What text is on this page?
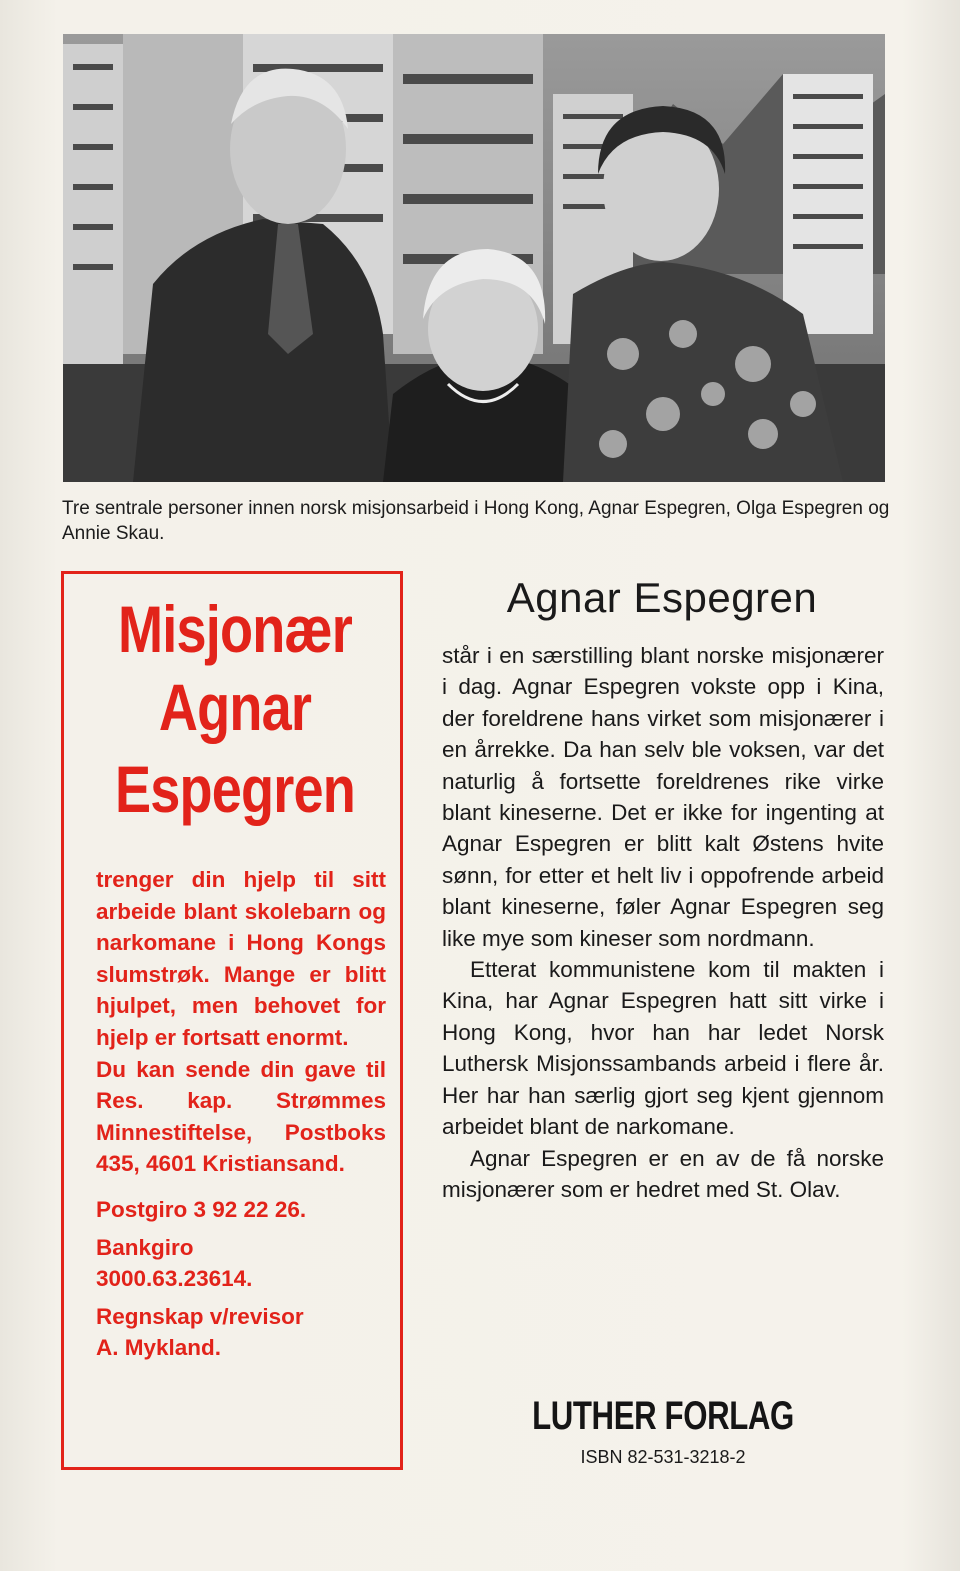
Tre sentrale personer innen norsk misjonsarbeid i Hong Kong, Agnar Espegren, Olga Espegren og Annie Skau.
Misjonær
Agnar
Espegren

trenger din hjelp til sitt arbeide blant skolebarn og narkomane i Hong Kongs slumstrøk. Mange er blitt hjulpet, men behovet for hjelp er fortsatt enormt.

Du kan sende din gave til Res. kap. Strømmes Minnestiftelse, Postboks 435, 4601 Kristiansand.

Postgiro 3 92 22 26.

Bankgiro

3000.63.23614.

Regnskap v/revisor

A. Mykland.

Agnar Espegren

står i en særstilling blant norske misjonærer i dag. Agnar Espegren vokste opp i Kina, der foreldrene hans virket som misjonærer i en årrekke. Da han selv ble voksen, var det naturlig å fortsette foreldrenes rike virke blant kineserne. Det er ikke for ingenting at Agnar Espegren er blitt kalt Østens hvite sønn, for etter et helt liv i oppofrende arbeid blant kineserne, føler Agnar Espegren seg like mye som kineser som nordmann.

Etterat kommunistene kom til makten i Kina, har Agnar Espegren hatt sitt virke i Hong Kong, hvor han har ledet Norsk Luthersk Misjonssambands arbeid i flere år. Her har han særlig gjort seg kjent gjennom arbeidet blant de narkomane.

Agnar Espegren er en av de få norske misjonærer som er hedret med St. Olav.

LUTHER FORLAG
ISBN 82-531-3218-2
